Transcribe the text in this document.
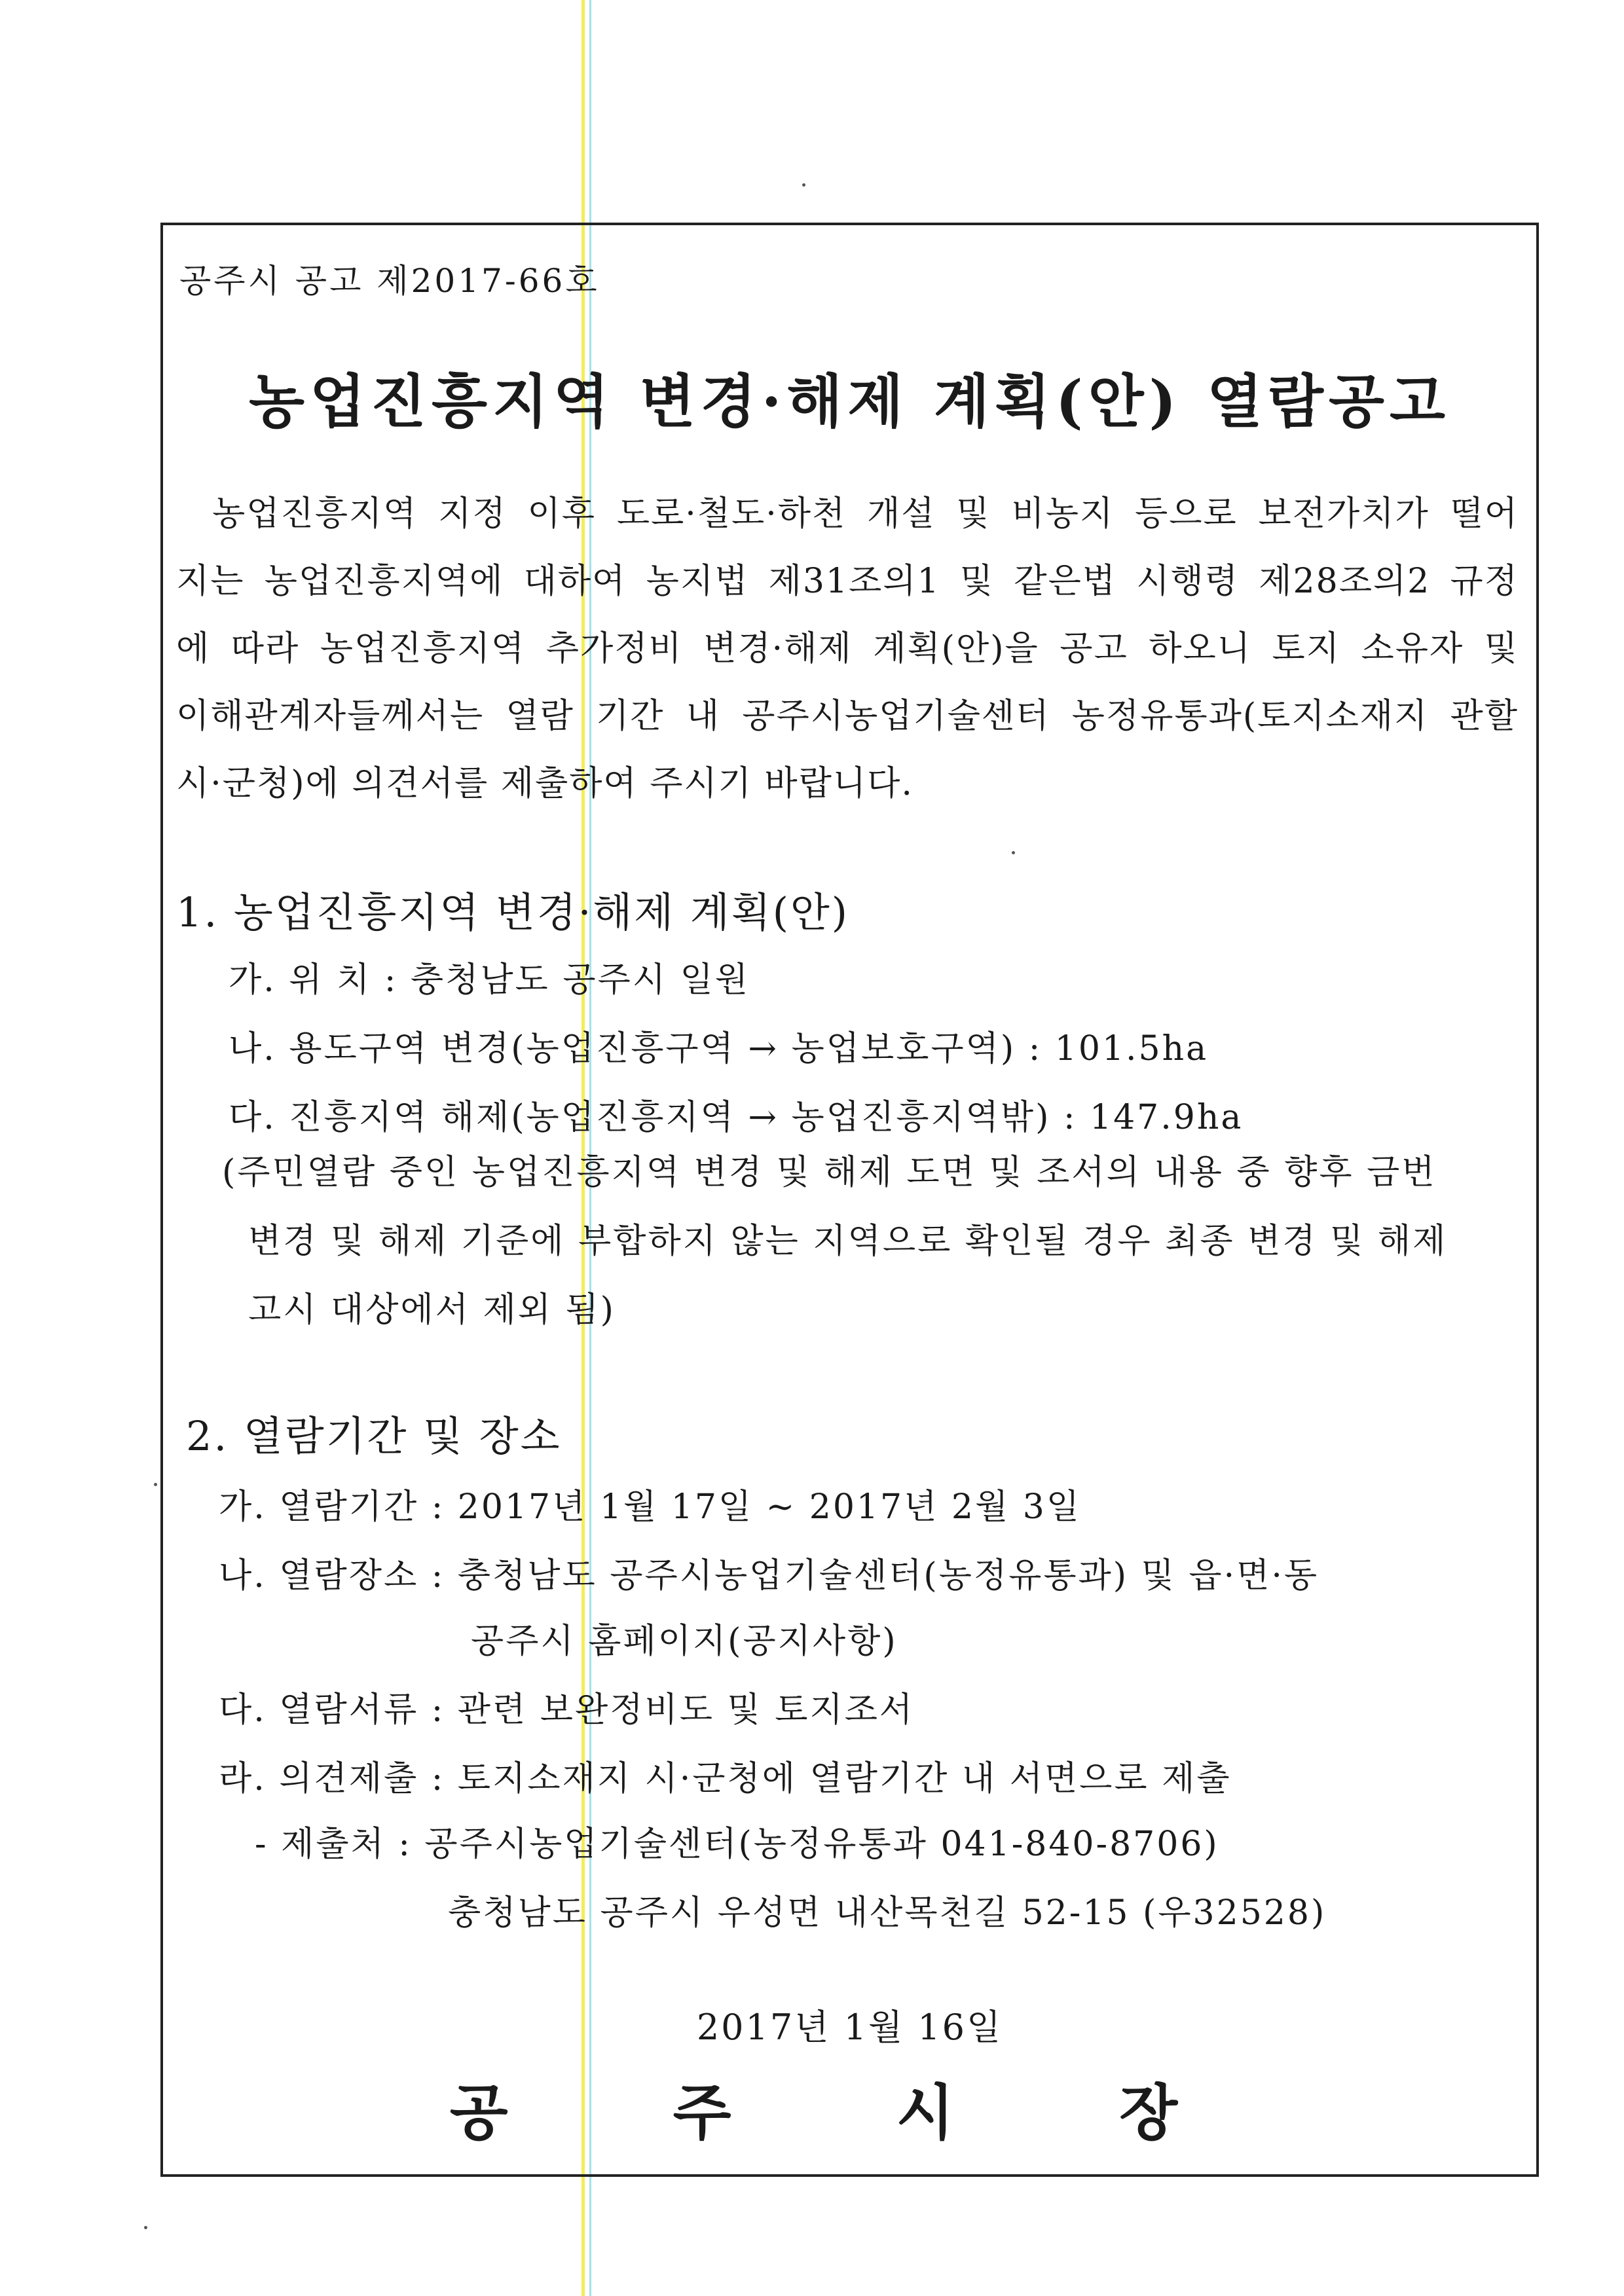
공주시 공고 제2017-66호
농업진흥지역 변경·해제 계획(안) 열람공고
농업진흥지역 지정 이후 도로·철도·하천 개설 및 비농지 등으로 보전가치가 떨어
지는 농업진흥지역에 대하여 농지법 제31조의1 및 같은법 시행령 제28조의2 규정
에 따라 농업진흥지역 추가정비 변경·해제 계획(안)을 공고 하오니 토지 소유자 및
이해관계자들께서는 열람 기간 내 공주시농업기술센터 농정유통과(토지소재지 관할
시·군청)에 의견서를 제출하여 주시기 바랍니다.
1. 농업진흥지역 변경·해제 계획(안)
가. 위 치 : 충청남도 공주시 일원
나. 용도구역 변경(농업진흥구역 → 농업보호구역) : 101.5ha
다. 진흥지역 해제(농업진흥지역 → 농업진흥지역밖) : 147.9ha
(주민열람 중인 농업진흥지역 변경 및 해제 도면 및 조서의 내용 중 향후 금번
변경 및 해제 기준에 부합하지 않는 지역으로 확인될 경우 최종 변경 및 해제
고시 대상에서 제외 됨)
2. 열람기간 및 장소
가. 열람기간 : 2017년 1월 17일 ~ 2017년 2월 3일
나. 열람장소 : 충청남도 공주시농업기술센터(농정유통과) 및 읍·면·동
공주시 홈페이지(공지사항)
다. 열람서류 : 관련 보완정비도 및 토지조서
라. 의견제출 : 토지소재지 시·군청에 열람기간 내 서면으로 제출
- 제출처 : 공주시농업기술센터(농정유통과 041-840-8706)
충청남도 공주시 우성면 내산목천길 52-15 (우32528)
2017년 1월 16일
공 주 시 장
